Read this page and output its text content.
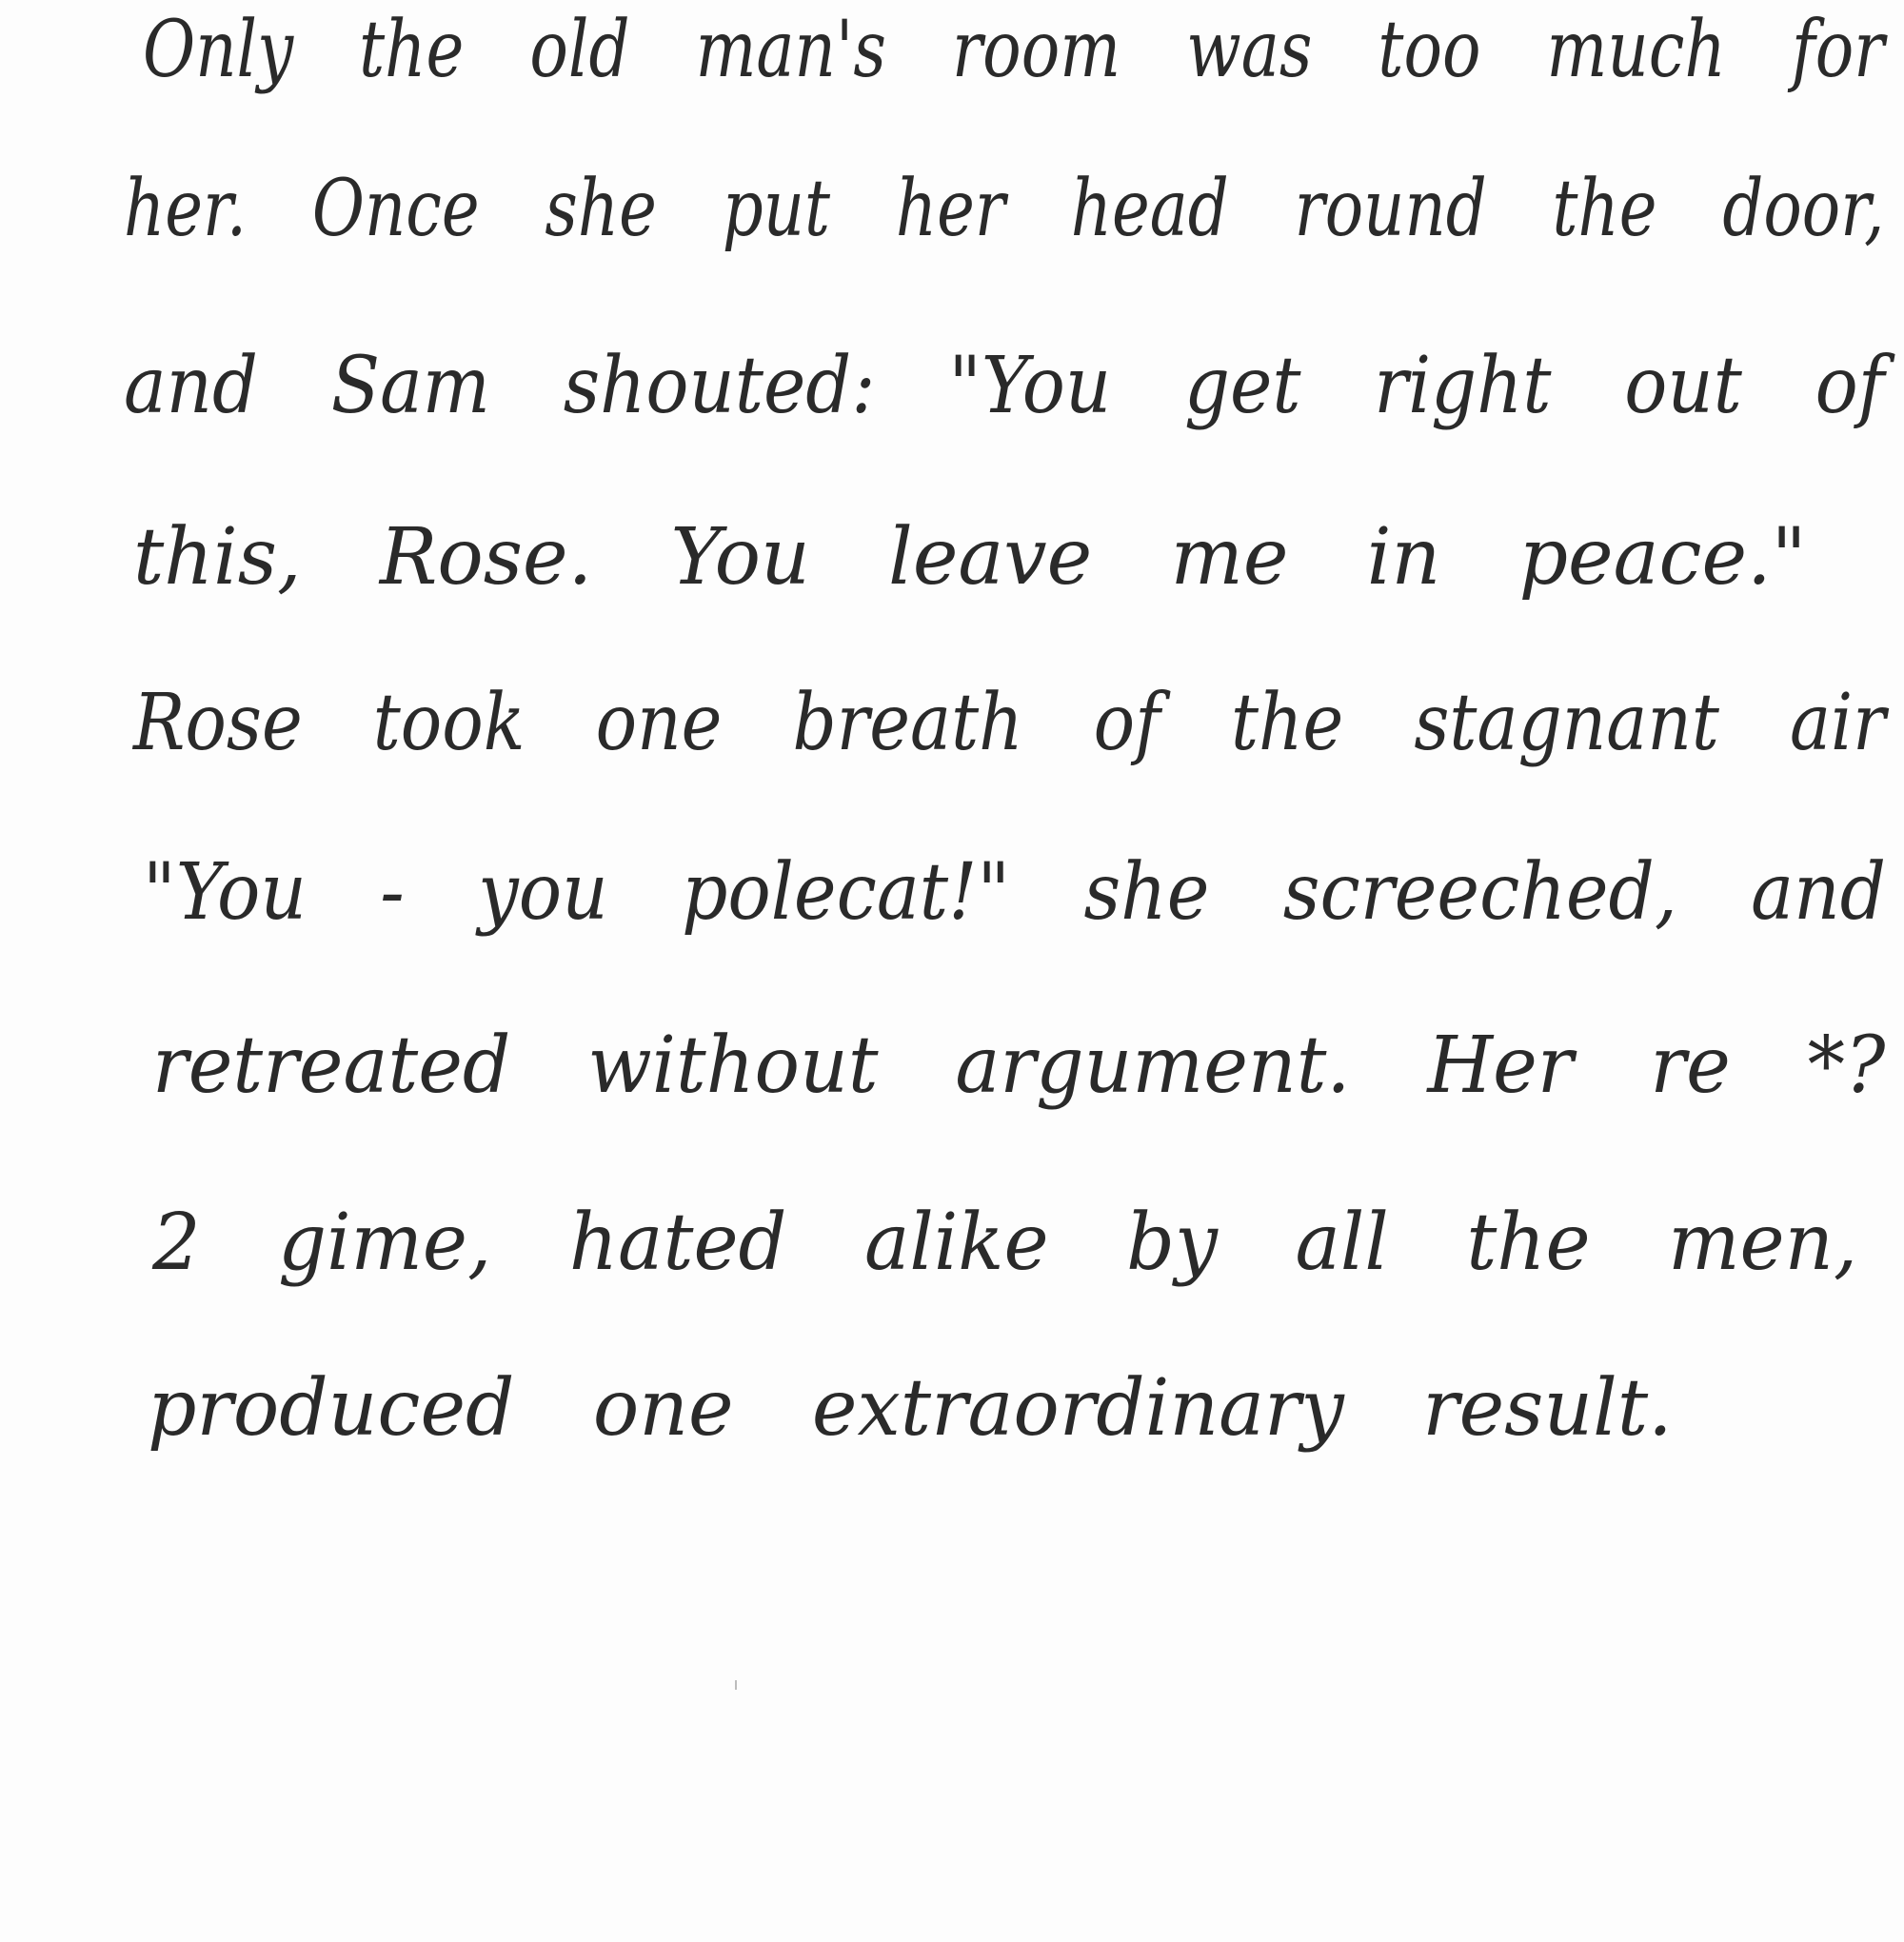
Only the old man's room was too much for
her. Once she put her head round the door,
and Sam shouted: "You get right out of
this, Rose. You leave me in peace."
Rose took one breath of the stagnant air
"You - you polecat!" she screeched, and
retreated without argument. Her re *?
2 gime, hated alike by all the men,
produced one extraordinary result.
